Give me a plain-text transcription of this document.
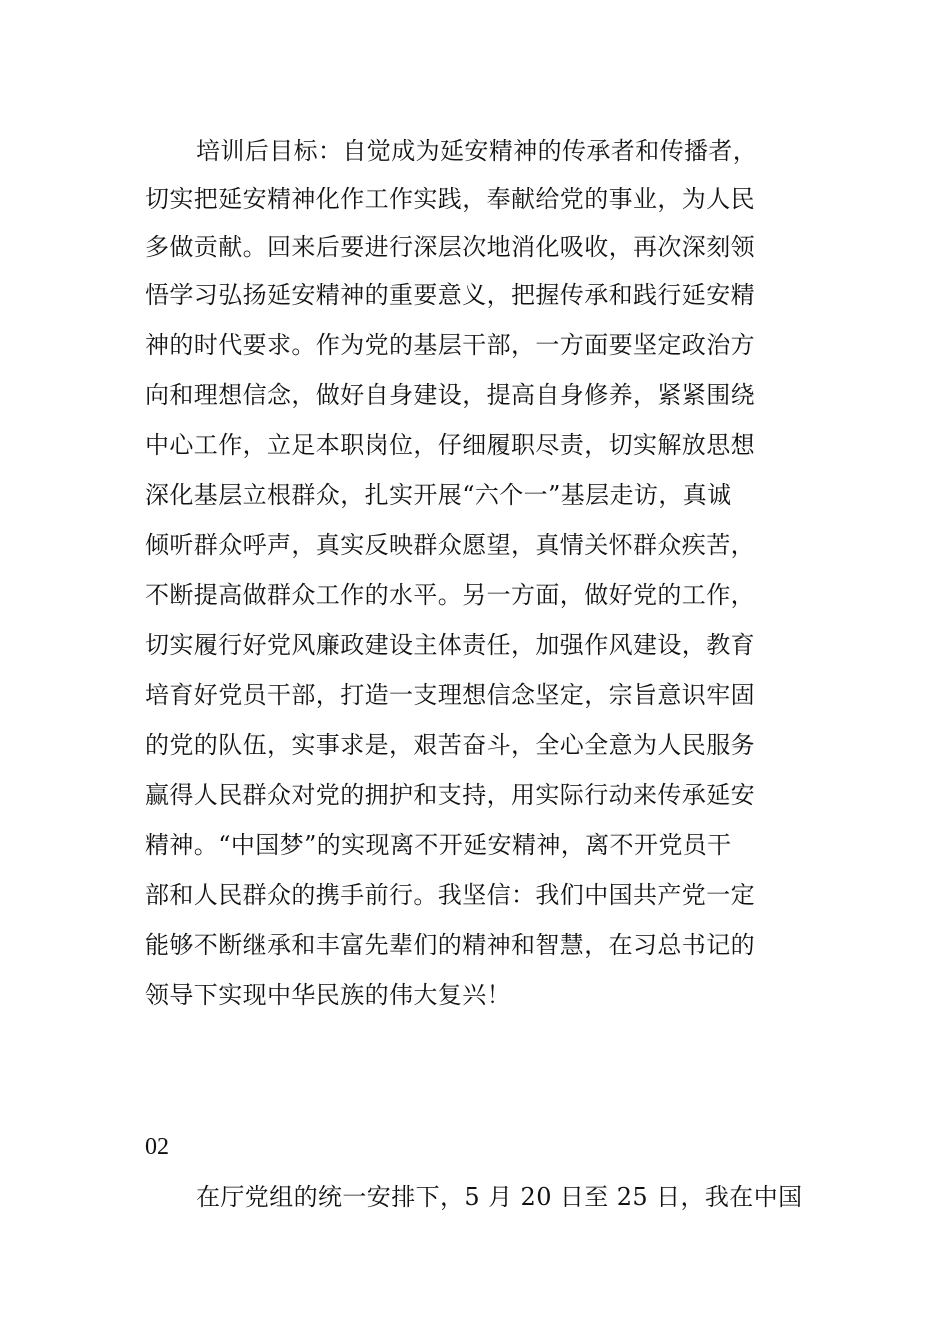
培训后目标：自觉成为延安精神的传承者和传播者，
切实把延安精神化作工作实践，奉献给党的事业，为人民
多做贡献。回来后要进行深层次地消化吸收，再次深刻领
悟学习弘扬延安精神的重要意义，把握传承和践行延安精
神的时代要求。作为党的基层干部，一方面要坚定政治方
向和理想信念，做好自身建设，提高自身修养，紧紧围绕
中心工作，立足本职岗位，仔细履职尽责，切实解放思想
深化基层立根群众，扎实开展“六个一”基层走访，真诚
倾听群众呼声，真实反映群众愿望，真情关怀群众疾苦，
不断提高做群众工作的水平。另一方面，做好党的工作，
切实履行好党风廉政建设主体责任，加强作风建设，教育
培育好党员干部，打造一支理想信念坚定，宗旨意识牢固
的党的队伍，实事求是，艰苦奋斗，全心全意为人民服务
赢得人民群众对党的拥护和支持，用实际行动来传承延安
精神。“中国梦”的实现离不开延安精神，离不开党员干
部和人民群众的携手前行。我坚信：我们中国共产党一定
能够不断继承和丰富先辈们的精神和智慧，在习总书记的
领导下实现中华民族的伟大复兴！
02
在厅党组的统一安排下，5 月 20 日至 25 日，我在中国
